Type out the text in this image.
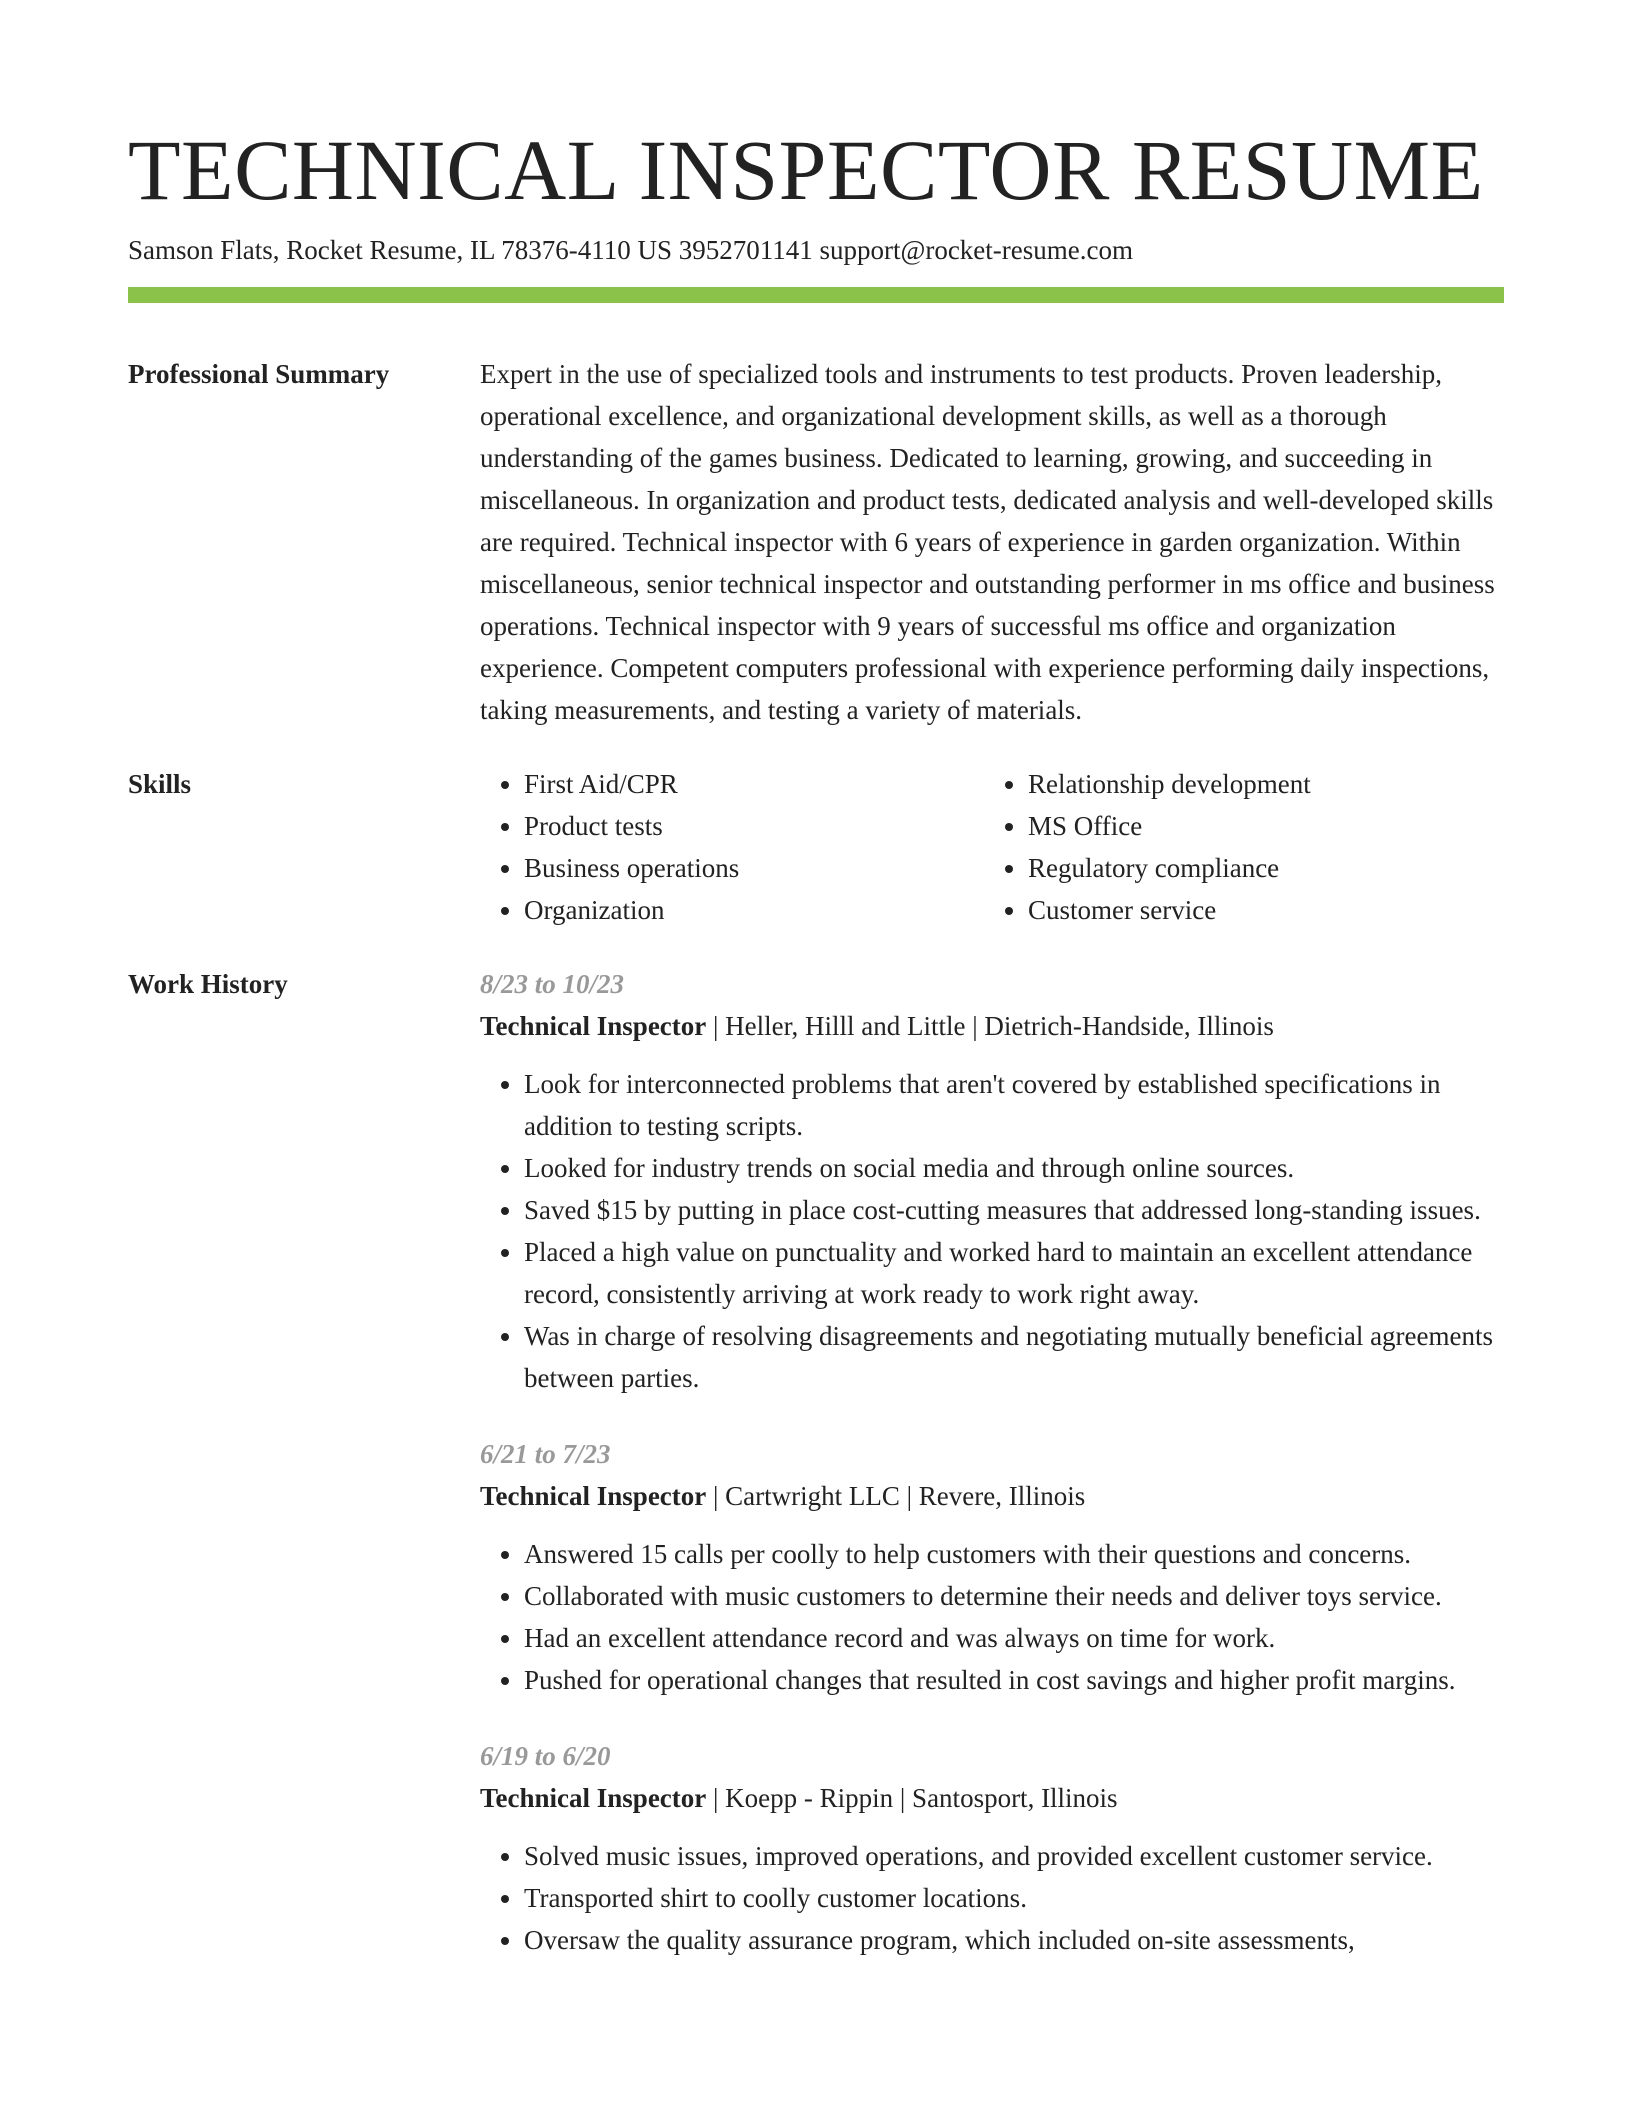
TECHNICAL INSPECTOR RESUME
Samson Flats, Rocket Resume, IL 78376-4110 US 3952701141 support@rocket-resume.com
Professional Summary	Expert in the use of specialized tools and instruments to test products. Proven leadership, operational excellence, and organizational development skills, as well as a thorough understanding of the games business. Dedicated to learning, growing, and succeeding in miscellaneous. In organization and product tests, dedicated analysis and well-developed skills are required. Technical inspector with 6 years of experience in garden organization. Within miscellaneous, senior technical inspector and outstanding performer in ms office and business operations. Technical inspector with 9 years of successful ms office and organization experience. Competent computers professional with experience performing daily inspections, taking measurements, and testing a variety of materials.

Skills
•	First Aid/CPR
• Product tests
• Business operations
• Organization
• Relationship development
• MS Office
• Regulatory compliance
• Customer service
Work History	8/23 to 10/23
Technical Inspector | Heller, Hilll and Little | Dietrich-Handside, Illinois
• Look for interconnected problems that aren't covered by established specifications in addition to testing scripts.
• Looked for industry trends on social media and through online sources.
• Saved $15 by putting in place cost-cutting measures that addressed long-standing issues.
• Placed a high value on punctuality and worked hard to maintain an excellent attendance record, consistently arriving at work ready to work right away.
• Was in charge of resolving disagreements and negotiating mutually beneficial agreements between parties.
6/21 to 7/23
Technical Inspector | Cartwright LLC | Revere, Illinois
• Answered 15 calls per coolly to help customers with their questions and concerns.
• Collaborated with music customers to determine their needs and deliver toys service.
• Had an excellent attendance record and was always on time for work.
• Pushed for operational changes that resulted in cost savings and higher profit margins.
6/19 to 6/20
Technical Inspector | Koepp - Rippin | Santosport, Illinois
• Solved music issues, improved operations, and provided excellent customer service.
• Transported shirt to coolly customer locations.
• Oversaw the quality assurance program, which included on-site assessments,
